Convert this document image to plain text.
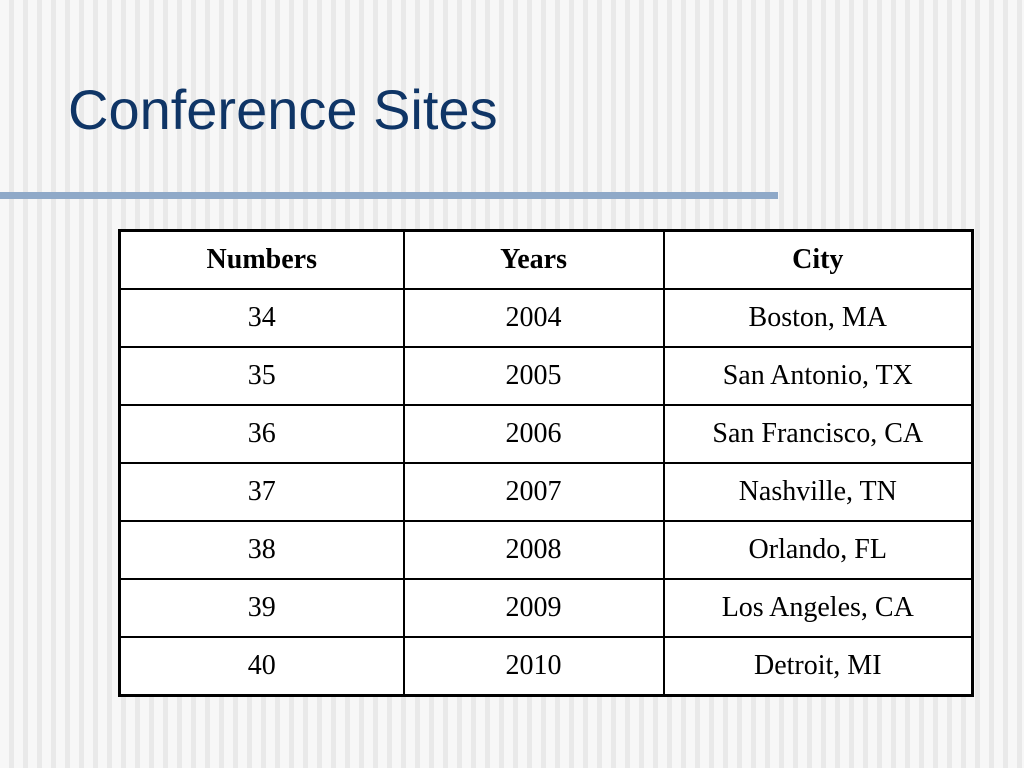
Conference Sites
Numbers	Years	City
34	2004	Boston, MA
35	2005	San Antonio, TX
36	2006	San Francisco, CA
37	2007	Nashville, TN
38	2008	Orlando, FL
39	2009	Los Angeles, CA
40	2010	Detroit, MI
